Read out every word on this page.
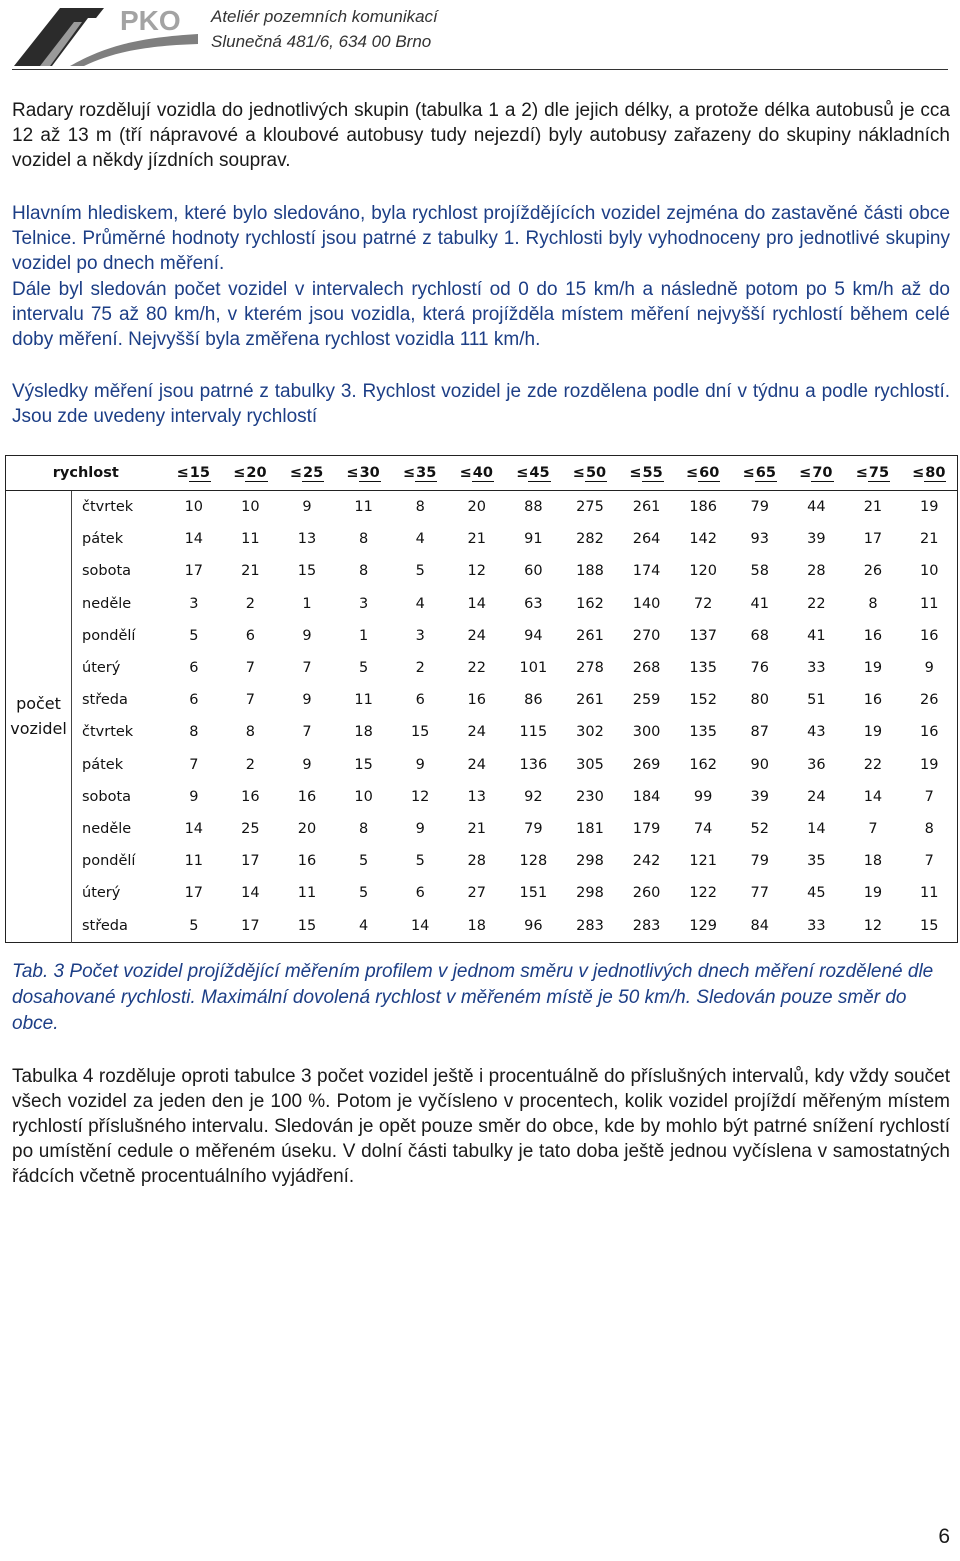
PKO Ateliér pozemních komunikací
Slunečná 481/6, 634 00 Brno

Radary rozdělují vozidla do jednotlivých skupin (tabulka 1 a 2) dle jejich délky, a protože délka autobusů je cca 12 až 13 m (tří nápravové a kloubové autobusy tudy nejezdí) byly autobusy zařazeny do skupiny nákladních vozidel a někdy jízdních souprav.

Hlavním hlediskem, které bylo sledováno, byla rychlost projíždějících vozidel zejména do zastavěné části obce Telnice. Průměrné hodnoty rychlostí jsou patrné z tabulky 1. Rychlosti byly vyhodnoceny pro jednotlivé skupiny vozidel po dnech měření.

Dále byl sledován počet vozidel v intervalech rychlostí od 0 do 15 km/h a následně potom po 5 km/h až do intervalu 75 až 80 km/h, v kterém jsou vozidla, která projížděla místem měření nejvyšší rychlostí během celé doby měření. Nejvyšší byla změřena rychlost vozidla 111 km/h.

Výsledky měření jsou patrné z tabulky 3. Rychlost vozidel je zde rozdělena podle dní v týdnu a podle rychlostí. Jsou zde uvedeny intervaly rychlostí

rychlost		≤15	≤20	≤25	≤30	≤35	≤40	≤45	≤50	≤55	≤60	≤65	≤70	≤75	≤80
počet vozidel	čtvrtek	10	10	9	11	8	20	88	275	261	186	79	44	21	19
	pátek	14	11	13	8	4	21	91	282	264	142	93	39	17	21
	sobota	17	21	15	8	5	12	60	188	174	120	58	28	26	10
	neděle	3	2	1	3	4	14	63	162	140	72	41	22	8	11
	pondělí	5	6	9	1	3	24	94	261	270	137	68	41	16	16
	úterý	6	7	7	5	2	22	101	278	268	135	76	33	19	9
	středa	6	7	9	11	6	16	86	261	259	152	80	51	16	26
	čtvrtek	8	8	7	18	15	24	115	302	300	135	87	43	19	16
	pátek	7	2	9	15	9	24	136	305	269	162	90	36	22	19
	sobota	9	16	16	10	12	13	92	230	184	99	39	24	14	7
	neděle	14	25	20	8	9	21	79	181	179	74	52	14	7	8
	pondělí	11	17	16	5	5	28	128	298	242	121	79	35	18	7
	úterý	17	14	11	5	6	27	151	298	260	122	77	45	19	11
	středa	5	17	15	4	14	18	96	283	283	129	84	33	12	15

Tab. 3 Počet vozidel projíždějící měřením profilem v jednom směru v jednotlivých dnech měření rozdělené dle dosahované rychlosti. Maximální dovolená rychlost v měřeném místě je 50 km/h. Sledován pouze směr do obce.

Tabulka 4 rozděluje oproti tabulce 3 počet vozidel ještě i procentuálně do příslušných intervalů, kdy vždy součet všech vozidel za jeden den je 100 %. Potom je vyčísleno v procentech, kolik vozidel projíždí měřeným místem rychlostí příslušného intervalu. Sledován je opět pouze směr do obce, kde by mohlo být patrné snížení rychlostí po umístění cedule o měřeném úseku. V dolní části tabulky je tato doba ještě jednou vyčíslena v samostatných řádcích včetně procentuálního vyjádření.

6
